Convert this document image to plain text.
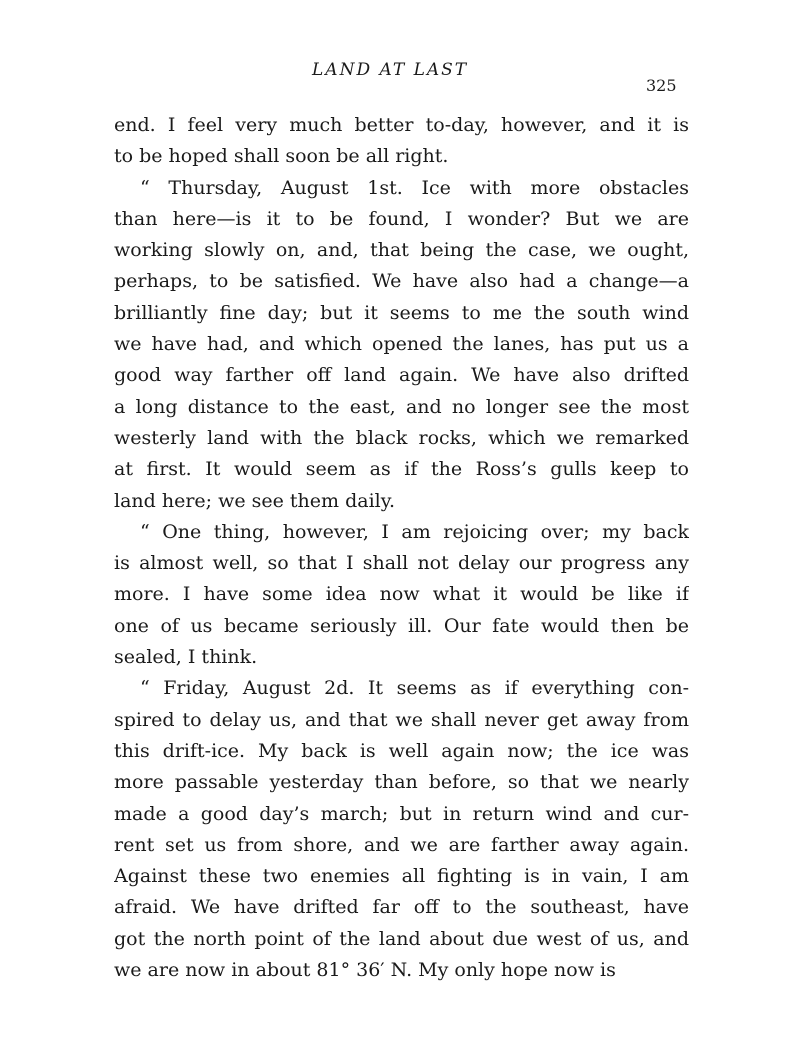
LAND AT LAST
325
end. I feel very much better to-day, however, and it is
to be hoped shall soon be all right.
“ Thursday, August 1st. Ice with more obstacles
than here—is it to be found, I wonder? But we are
working slowly on, and, that being the case, we ought,
perhaps, to be satisfied. We have also had a change—a
brilliantly fine day; but it seems to me the south wind
we have had, and which opened the lanes, has put us a
good way farther off land again. We have also drifted
a long distance to the east, and no longer see the most
westerly land with the black rocks, which we remarked
at first. It would seem as if the Ross’s gulls keep to
land here; we see them daily.
“ One thing, however, I am rejoicing over; my back
is almost well, so that I shall not delay our progress any
more. I have some idea now what it would be like if
one of us became seriously ill. Our fate would then be
sealed, I think.
“ Friday, August 2d. It seems as if everything con-
spired to delay us, and that we shall never get away from
this drift-ice. My back is well again now; the ice was
more passable yesterday than before, so that we nearly
made a good day’s march; but in return wind and cur-
rent set us from shore, and we are farther away again.
Against these two enemies all fighting is in vain, I am
afraid. We have drifted far off to the southeast, have
got the north point of the land about due west of us, and
we are now in about 81° 36′ N. My only hope now is
